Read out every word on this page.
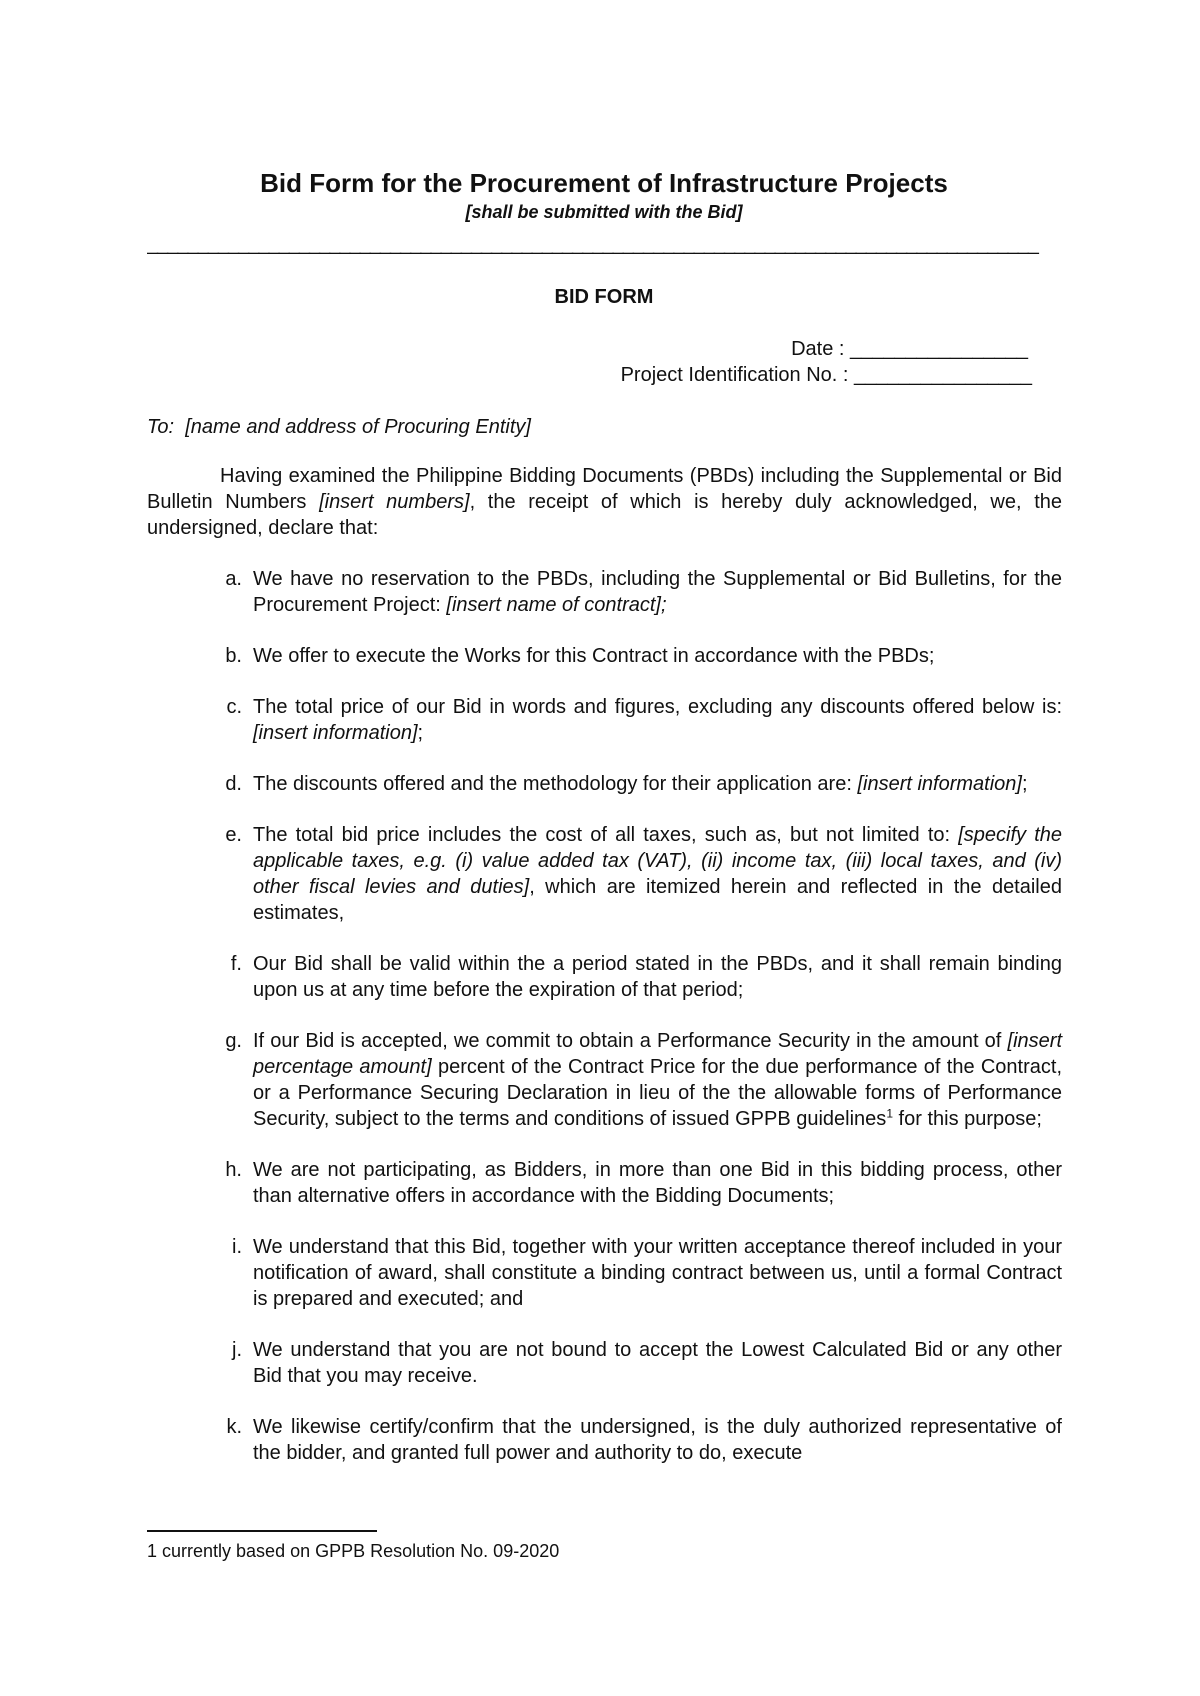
Bid Form for the Procurement of Infrastructure Projects
[shall be submitted with the Bid]
________________________________________________________________________________________
BID FORM
Date : ________________
Project Identification No. : ________________
To: [name and address of Procuring Entity]
Having examined the Philippine Bidding Documents (PBDs) including the Supplemental or Bid Bulletin Numbers [insert numbers], the receipt of which is hereby duly acknowledged, we, the undersigned, declare that:
a. We have no reservation to the PBDs, including the Supplemental or Bid Bulletins, for the Procurement Project: [insert name of contract];
b. We offer to execute the Works for this Contract in accordance with the PBDs;
c. The total price of our Bid in words and figures, excluding any discounts offered below is: [insert information];
d. The discounts offered and the methodology for their application are: [insert information];
e. The total bid price includes the cost of all taxes, such as, but not limited to: [specify the applicable taxes, e.g. (i) value added tax (VAT), (ii) income tax, (iii) local taxes, and (iv) other fiscal levies and duties], which are itemized herein and reflected in the detailed estimates,
f. Our Bid shall be valid within the a period stated in the PBDs, and it shall remain binding upon us at any time before the expiration of that period;
g. If our Bid is accepted, we commit to obtain a Performance Security in the amount of [insert percentage amount] percent of the Contract Price for the due performance of the Contract, or a Performance Securing Declaration in lieu of the the allowable forms of Performance Security, subject to the terms and conditions of issued GPPB guidelines$^1$ for this purpose;
h. We are not participating, as Bidders, in more than one Bid in this bidding process, other than alternative offers in accordance with the Bidding Documents;
i. We understand that this Bid, together with your written acceptance thereof included in your notification of award, shall constitute a binding contract between us, until a formal Contract is prepared and executed; and
j. We understand that you are not bound to accept the Lowest Calculated Bid or any other Bid that you may receive.
k. We likewise certify/confirm that the undersigned, is the duly authorized representative of the bidder, and granted full power and authority to do, execute
1 currently based on GPPB Resolution No. 09-2020
